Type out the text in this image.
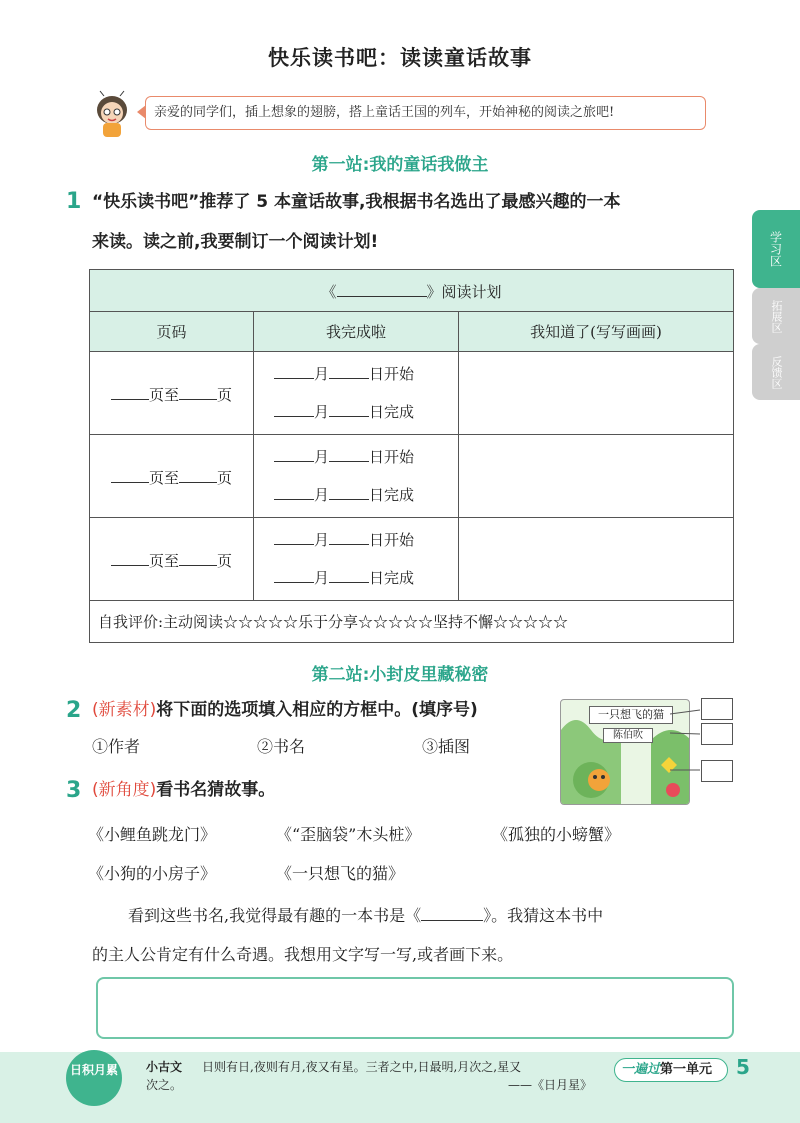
快乐读书吧：读读童话故事
亲爱的同学们，插上想象的翅膀，搭上童话王国的列车，开始神秘的阅读之旅吧!
学习区
拓展区
反馈区
第一站:我的童话我做主
1 “快乐读书吧”推荐了 5 本童话故事,我根据书名选出了最感兴趣的一本
来读。读之前,我要制订一个阅读计划!
《 》阅读计划		
页码	我完成啦	我知道了(写写画画)
页至 页	月 日开始
月 日完成	

页至 页	月 日开始
月 日完成	

页至 页	月 日开始
月 日完成	

自我评价:主动阅读☆☆☆☆☆乐于分享☆☆☆☆☆坚持不懈☆☆☆☆☆		
第二站:小封皮里藏秘密
2 (新素材)将下面的选项填入相应的方框中。(填序号)
①作者	②书名	③插图
一只想飞的猫
陈伯吹
3 (新角度)看书名猜故事。
《小鲤鱼跳龙门》	《“歪脑袋”木头桩》	《孤独的小螃蟹》
《小狗的小房子》	《一只想飞的猫》
看到这些书名,我觉得最有趣的一本书是《	》。我猜这本书中
的主人公肯定有什么奇遇。我想用文字写一写,或者画下来。
日积月累	小古文 日则有日,夜则有月,夜又有星。三者之中,日最明,月次之,星又
次之。	——《日月星》
一遍过第一单元	5
